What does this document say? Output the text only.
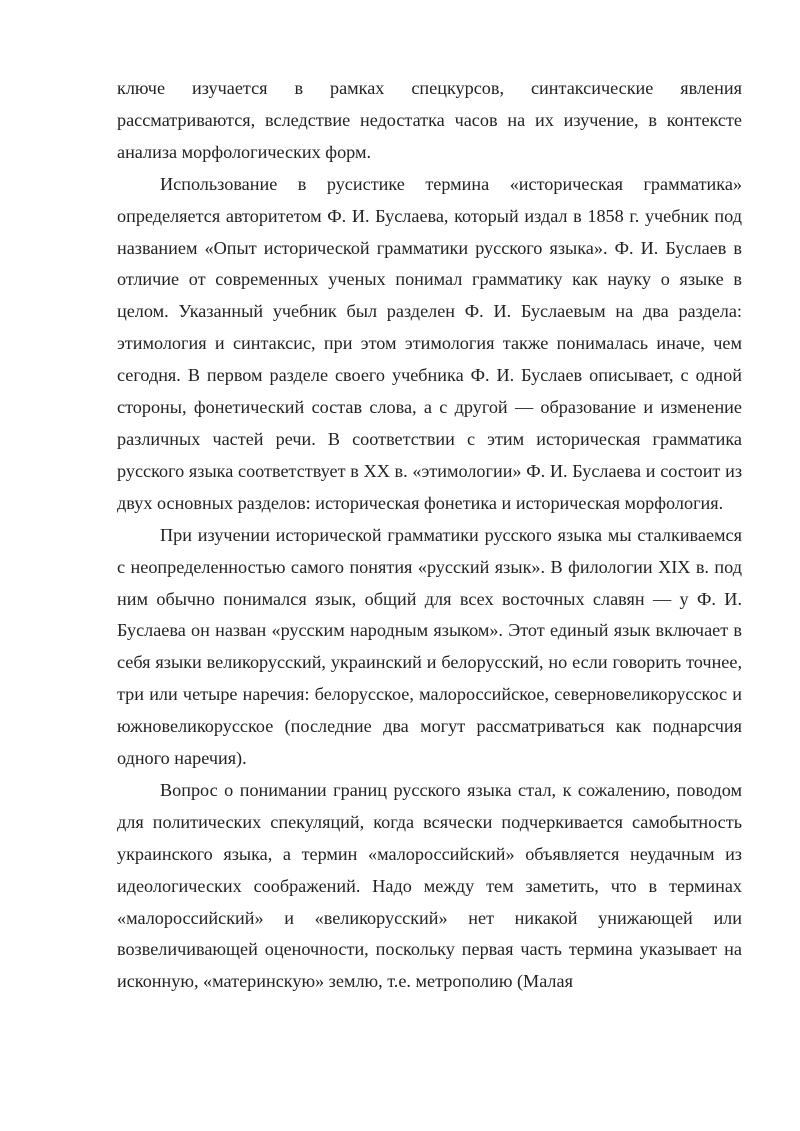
ключе изучается в рамках спецкурсов, синтаксические явления рассматриваются, вследствие недостатка часов на их изучение, в контексте анализа морфологических форм.

Использование в русистике термина «историческая грамматика» определяется авторитетом Ф. И. Буслаева, который издал в 1858 г. учебник под названием «Опыт исторической грамматики русского языка». Ф. И. Буслаев в отличие от современных ученых понимал грамматику как науку о языке в целом. Указанный учебник был разделен Ф. И. Буслаевым на два раздела: этимология и синтаксис, при этом этимология также понималась иначе, чем сегодня. В первом разделе своего учебника Ф. И. Буслаев описывает, с одной стороны, фонетический состав слова, а с другой — образование и изменение различных частей речи. В соответствии с этим историческая грамматика русского языка соответствует в XX в. «этимологии» Ф. И. Буслаева и состоит из двух основных разделов: историческая фонетика и историческая морфология.

При изучении исторической грамматики русского языка мы сталкиваемся с неопределенностью самого понятия «русский язык». В филологии XIX в. под ним обычно понимался язык, общий для всех восточных славян — у Ф. И. Буслаева он назван «русским народным языком». Этот единый язык включает в себя языки великорусский, украинский и белорусский, но если говорить точнее, три или четыре наречия: белорусское, малороссийское, северновеликорусскос и южновеликорусское (последние два могут рассматриваться как поднарсчия одного наречия).

Вопрос о понимании границ русского языка стал, к сожалению, поводом для политических спекуляций, когда всячески подчеркивается самобытность украинского языка, а термин «малороссийский» объявляется неудачным из идеологических соображений. Надо между тем заметить, что в терминах «малороссийский» и «великорусский» нет никакой унижающей или возвеличивающей оценочности, поскольку первая часть термина указывает на исконную, «материнскую» землю, т.е. метрополию (Малая
